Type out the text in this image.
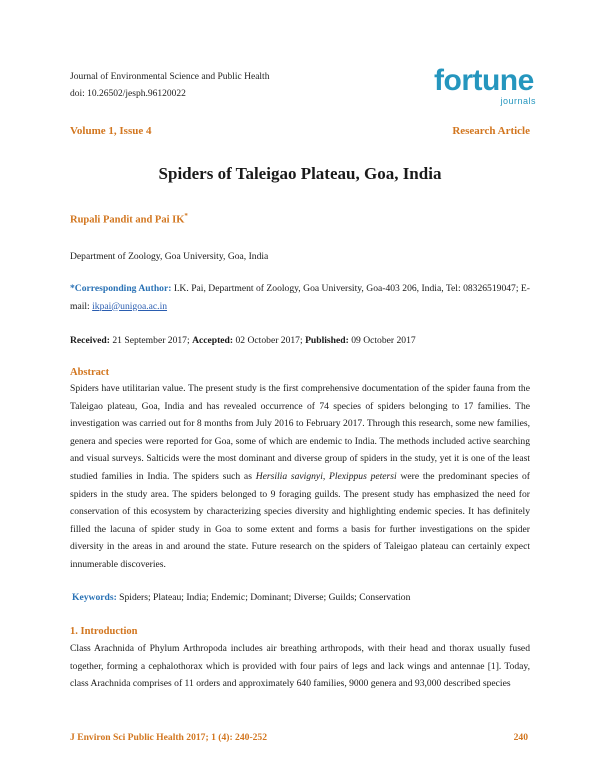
Journal of Environmental Science and Public Health
doi: 10.26502/jesph.96120022	fortune
journals
Volume 1, Issue 4	Research Article
Spiders of Taleigao Plateau, Goa, India
Rupali Pandit and Pai IK*
Department of Zoology, Goa University, Goa, India
*Corresponding Author: I.K. Pai, Department of Zoology, Goa University, Goa-403 206, India, Tel: 08326519047; E-mail: ikpai@unigoa.ac.in
Received: 21 September 2017; Accepted: 02 October 2017; Published: 09 October 2017
Abstract
Spiders have utilitarian value. The present study is the first comprehensive documentation of the spider fauna from the Taleigao plateau, Goa, India and has revealed occurrence of 74 species of spiders belonging to 17 families. The investigation was carried out for 8 months from July 2016 to February 2017. Through this research, some new families, genera and species were reported for Goa, some of which are endemic to India. The methods included active searching and visual surveys. Salticids were the most dominant and diverse group of spiders in the study, yet it is one of the least studied families in India. The spiders such as Hersilia savignyi, Plexippus petersi were the predominant species of spiders in the study area. The spiders belonged to 9 foraging guilds. The present study has emphasized the need for conservation of this ecosystem by characterizing species diversity and highlighting endemic species. It has definitely filled the lacuna of spider study in Goa to some extent and forms a basis for further investigations on the spider diversity in the areas in and around the state. Future research on the spiders of Taleigao plateau can certainly expect innumerable discoveries.
Keywords: Spiders; Plateau; India; Endemic; Dominant; Diverse; Guilds; Conservation
1. Introduction
Class Arachnida of Phylum Arthropoda includes air breathing arthropods, with their head and thorax usually fused together, forming a cephalothorax which is provided with four pairs of legs and lack wings and antennae [1]. Today, class Arachnida comprises of 11 orders and approximately 640 families, 9000 genera and 93,000 described species
J Environ Sci Public Health 2017; 1 (4): 240-252	240
